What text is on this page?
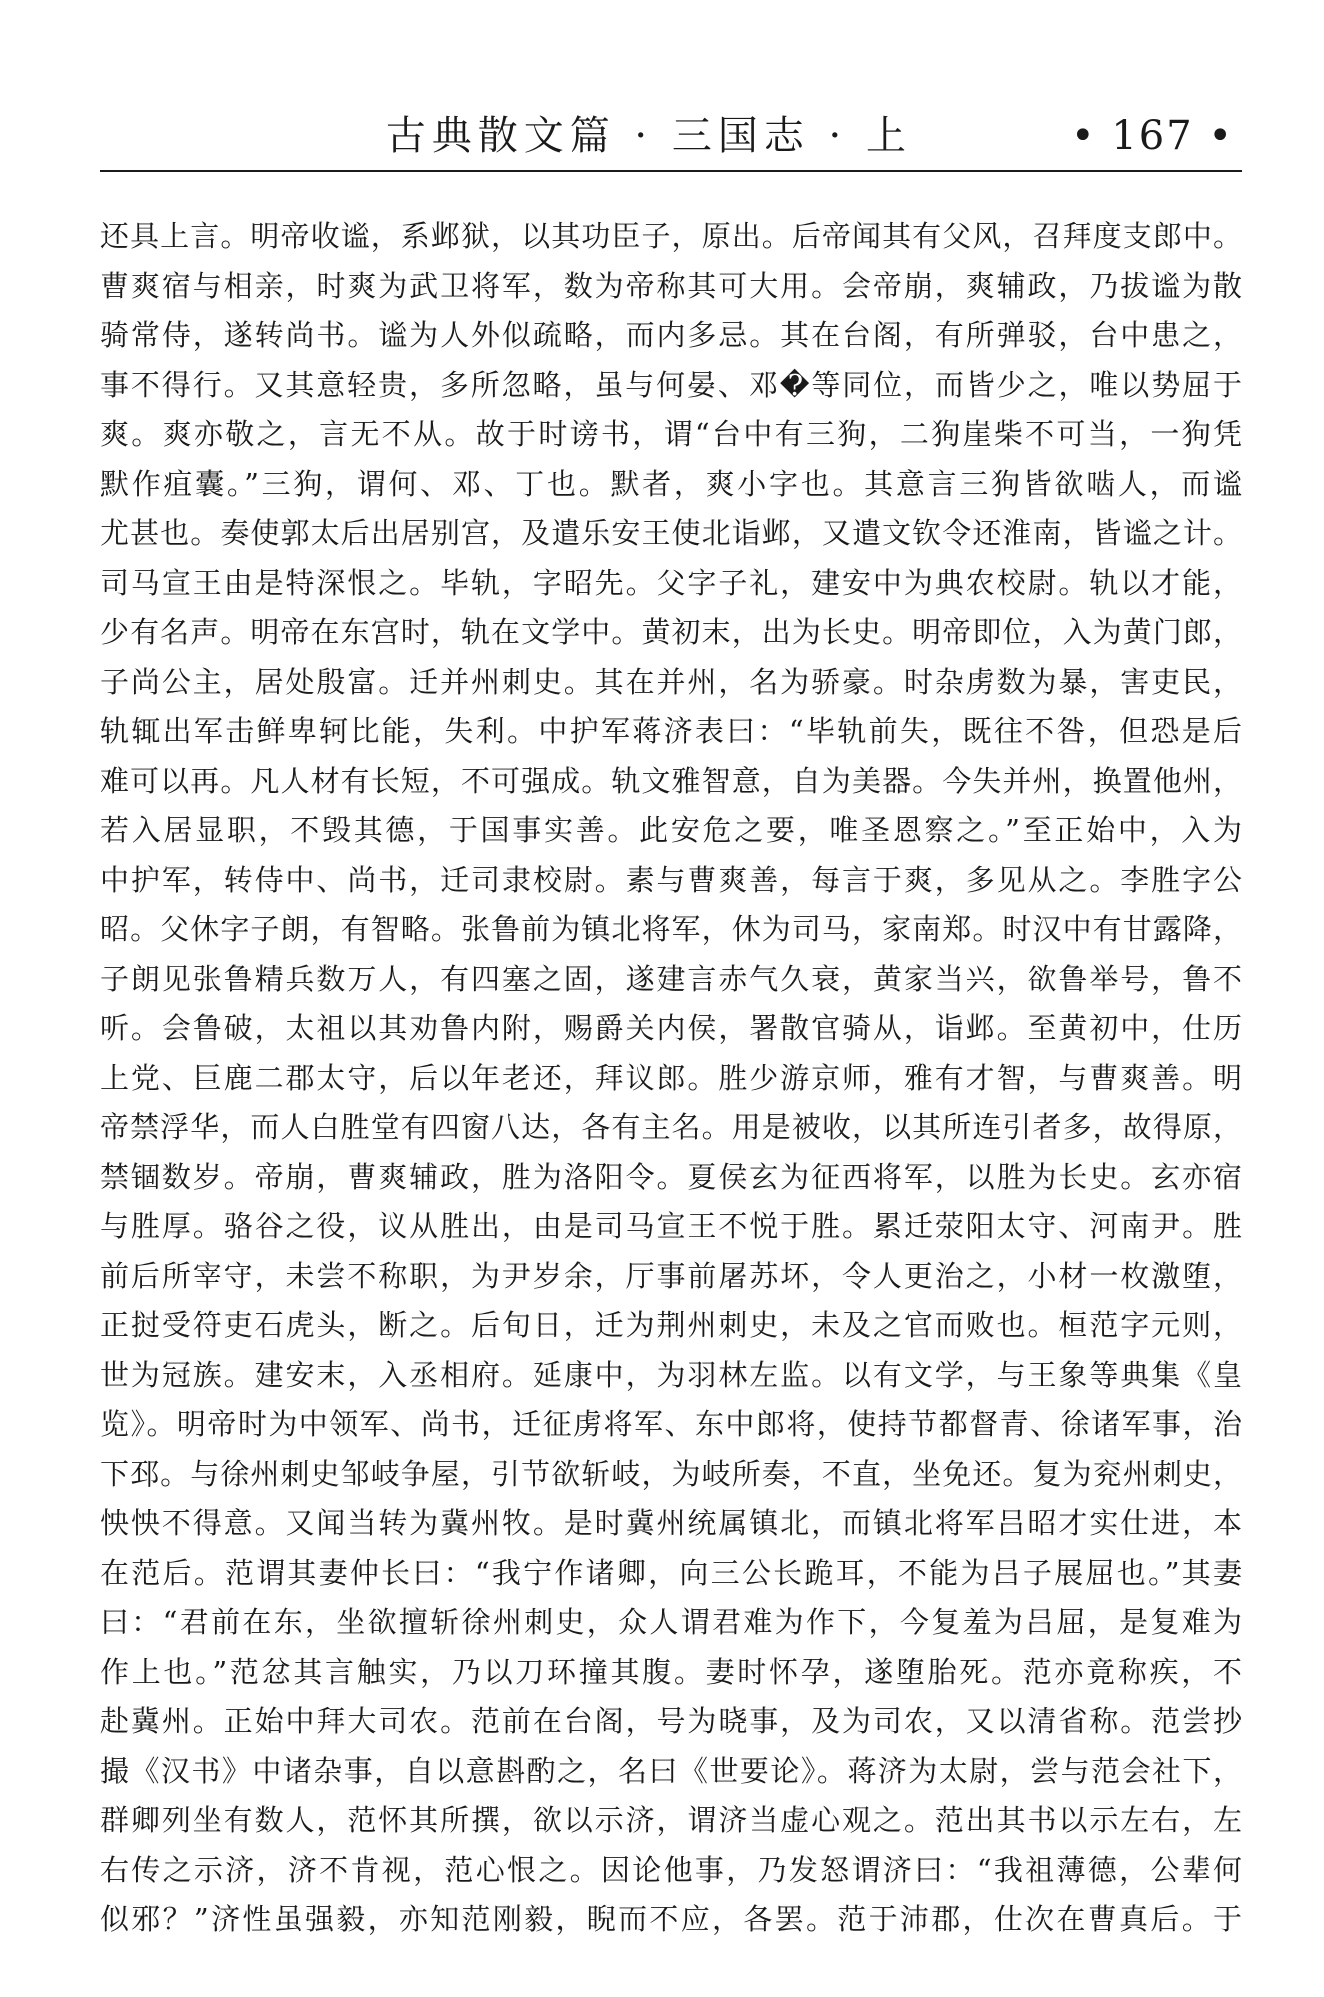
古典散文篇 · 三国志 · 上	• 167 •
还具上言。明帝收谧，系邺狱，以其功臣子，原出。后帝闻其有父风，召拜度支郎中。
曹爽宿与相亲，时爽为武卫将军，数为帝称其可大用。会帝崩，爽辅政，乃拔谧为散
骑常侍，遂转尚书。谧为人外似疏略，而内多忌。其在台阁，有所弹驳，台中患之，
事不得行。又其意轻贵，多所忽略，虽与何晏、邓�等同位，而皆少之，唯以势屈于
爽。爽亦敬之，言无不从。故于时谤书，谓“台中有三狗，二狗崖柴不可当，一狗凭
默作疽囊。”三狗，谓何、邓、丁也。默者，爽小字也。其意言三狗皆欲啮人，而谧
尤甚也。奏使郭太后出居别宫，及遣乐安王使北诣邺，又遣文钦令还淮南，皆谧之计。
司马宣王由是特深恨之。毕轨，字昭先。父字子礼，建安中为典农校尉。轨以才能，
少有名声。明帝在东宫时，轨在文学中。黄初末，出为长史。明帝即位，入为黄门郎，
子尚公主，居处殷富。迁并州刺史。其在并州，名为骄豪。时杂虏数为暴，害吏民，
轨辄出军击鲜卑轲比能，失利。中护军蒋济表曰：“毕轨前失，既往不咎，但恐是后
难可以再。凡人材有长短，不可强成。轨文雅智意，自为美器。今失并州，换置他州，
若入居显职，不毁其德，于国事实善。此安危之要，唯圣恩察之。”至正始中，入为
中护军，转侍中、尚书，迁司隶校尉。素与曹爽善，每言于爽，多见从之。李胜字公
昭。父休字子朗，有智略。张鲁前为镇北将军，休为司马，家南郑。时汉中有甘露降，
子朗见张鲁精兵数万人，有四塞之固，遂建言赤气久衰，黄家当兴，欲鲁举号，鲁不
听。会鲁破，太祖以其劝鲁内附，赐爵关内侯，署散官骑从，诣邺。至黄初中，仕历
上党、巨鹿二郡太守，后以年老还，拜议郎。胜少游京师，雅有才智，与曹爽善。明
帝禁浮华，而人白胜堂有四窗八达，各有主名。用是被收，以其所连引者多，故得原，
禁锢数岁。帝崩，曹爽辅政，胜为洛阳令。夏侯玄为征西将军，以胜为长史。玄亦宿
与胜厚。骆谷之役，议从胜出，由是司马宣王不悦于胜。累迁荥阳太守、河南尹。胜
前后所宰守，未尝不称职，为尹岁余，厅事前屠苏坏，令人更治之，小材一枚激堕，
正挝受符吏石虎头，断之。后旬日，迁为荆州刺史，未及之官而败也。桓范字元则，
世为冠族。建安末，入丞相府。延康中，为羽林左监。以有文学，与王象等典集《皇
览》。明帝时为中领军、尚书，迁征虏将军、东中郎将，使持节都督青、徐诸军事，治
下邳。与徐州刺史邹岐争屋，引节欲斩岐，为岐所奏，不直，坐免还。复为兖州刺史，
怏怏不得意。又闻当转为冀州牧。是时冀州统属镇北，而镇北将军吕昭才实仕进，本
在范后。范谓其妻仲长曰：“我宁作诸卿，向三公长跪耳，不能为吕子展屈也。”其妻
曰：“君前在东，坐欲擅斩徐州刺史，众人谓君难为作下，今复羞为吕屈，是复难为
作上也。”范忿其言触实，乃以刀环撞其腹。妻时怀孕，遂堕胎死。范亦竟称疾，不
赴冀州。正始中拜大司农。范前在台阁，号为晓事，及为司农，又以清省称。范尝抄
撮《汉书》中诸杂事，自以意斟酌之，名曰《世要论》。蒋济为太尉，尝与范会社下，
群卿列坐有数人，范怀其所撰，欲以示济，谓济当虚心观之。范出其书以示左右，左
右传之示济，济不肯视，范心恨之。因论他事，乃发怒谓济曰：“我祖薄德，公辈何
似邪？”济性虽强毅，亦知范刚毅，睨而不应，各罢。范于沛郡，仕次在曹真后。于
